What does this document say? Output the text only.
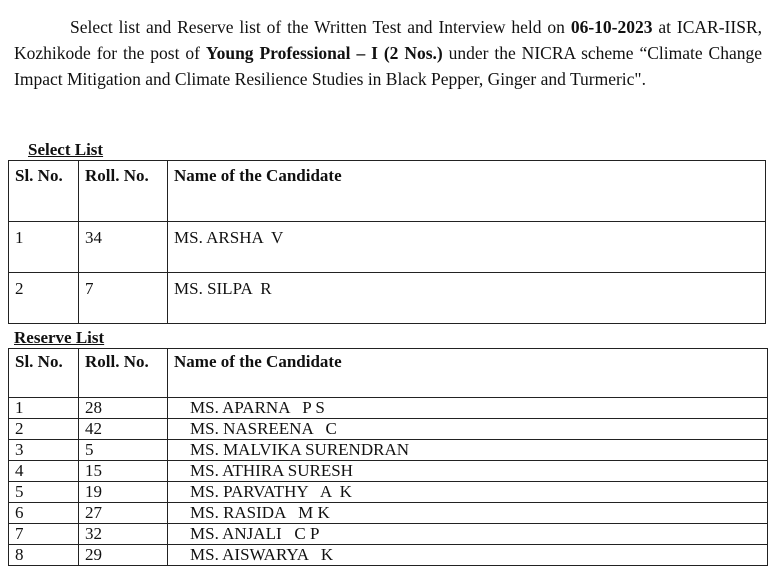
Select list and Reserve list of the Written Test and Interview held on 06-10-2023 at ICAR-IISR, Kozhikode for the post of Young Professional – I (2 Nos.) under the NICRA scheme “Climate Change Impact Mitigation and Climate Resilience Studies in Black Pepper, Ginger and Turmeric".

Select List
Sl. No.	Roll. No.	Name of the Candidate
1	34	MS. ARSHA  V
2	7	MS. SILPA  R
Reserve List
Sl. No.	Roll. No.	Name of the Candidate
1	28	MS. APARNA   P S
2	42	MS. NASREENA   C
3	5	MS. MALVIKA SURENDRAN
4	15	MS. ATHIRA SURESH
5	19	MS. PARVATHY   A  K
6	27	MS. RASIDA   M K
7	32	MS. ANJALI   C P
8	29	MS. AISWARYA   K
